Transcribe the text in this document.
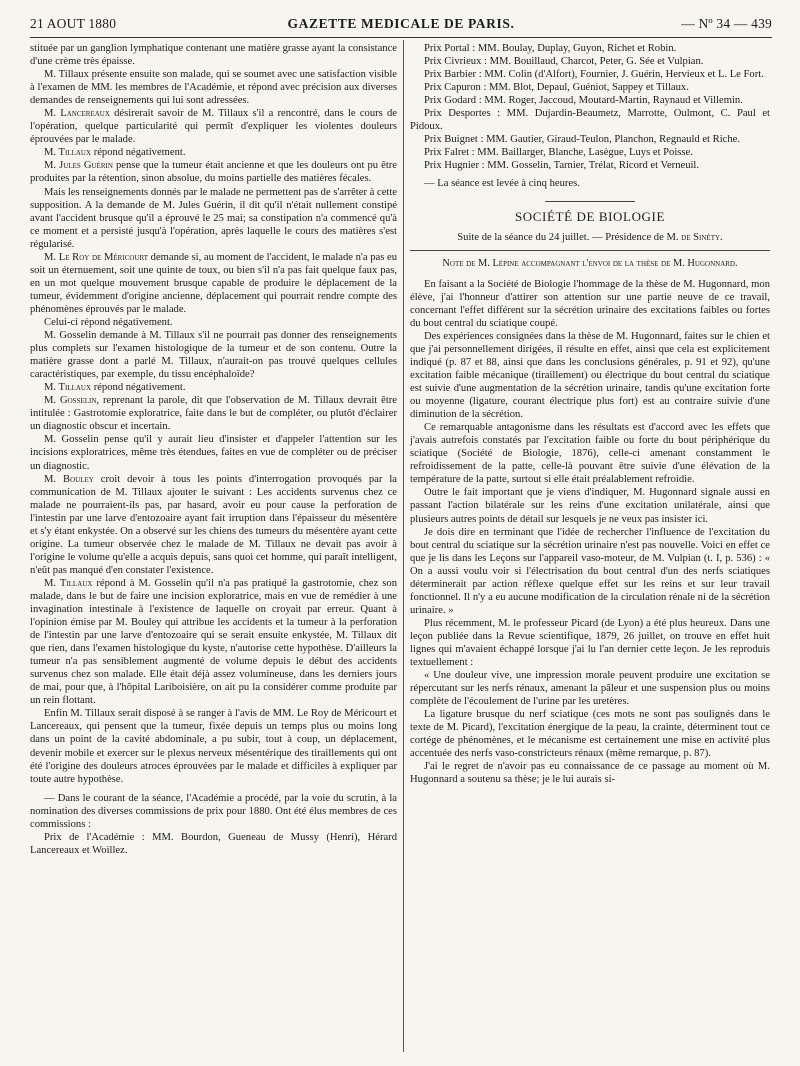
21 AOUT 1880	GAZETTE MEDICALE DE PARIS.	— Nº 34 — 439

stituée par un ganglion lymphatique contenant une matière grasse ayant la consistance d'une crème très épaisse.

M. Tillaux présente ensuite son malade, qui se soumet avec une satisfaction visible à l'examen de MM. les membres de l'Académie, et répond avec précision aux diverses demandes de renseignements qui lui sont adressées.

M. Lancereaux désirerait savoir de M. Tillaux s'il a rencontré, dans le cours de l'opération, quelque particularité qui permît d'expliquer les violentes douleurs éprouvées par le malade.

M. Tillaux répond négativement.

M. Jules Guérin pense que la tumeur était ancienne et que les douleurs ont pu être produites par la rétention, sinon absolue, du moins partielle des matières fécales.

Mais les renseignements donnés par le malade ne permettent pas de s'arrêter à cette supposition. A la demande de M. Jules Guérin, il dit qu'il n'était nullement constipé avant l'accident brusque qu'il a éprouvé le 25 mai; sa constipation n'a commencé qu'à ce moment et a persisté jusqu'à l'opération, après laquelle le cours des matières s'est régularisé.

M. Le Roy de Méricourt demande si, au moment de l'accident, le malade n'a pas eu soit un éternuement, soit une quinte de toux, ou bien s'il n'a pas fait quelque faux pas, en un mot quelque mouvement brusque capable de produire le déplacement de la tumeur, évidemment d'origine ancienne, déplacement qui pourrait rendre compte des phénomènes éprouvés par le malade.

Celui-ci répond négativement.

M. Gosselin demande à M. Tillaux s'il ne pourrait pas donner des renseignements plus complets sur l'examen histologique de la tumeur et de son contenu. Outre la matière grasse dont a parlé M. Tillaux, n'aurait-on pas trouvé quelques cellules caractéristiques, par exemple, du tissu encéphaloïde?

M. Tillaux répond négativement.

M. Gosselin, reprenant la parole, dit que l'observation de M. Tillaux devrait être intitulée : Gastrotomie exploratrice, faite dans le but de compléter, ou plutôt d'éclairer un diagnostic obscur et incertain.

M. Gosselin pense qu'il y aurait lieu d'insister et d'appeler l'attention sur les incisions exploratrices, même très étendues, faites en vue de compléter ou de préciser un diagnostic.

M. Bouley croit devoir à tous les points d'interrogation provoqués par la communication de M. Tillaux ajouter le suivant : Les accidents survenus chez ce malade ne pourraient-ils pas, par hasard, avoir eu pour cause la perforation de l'intestin par une larve d'entozoaire ayant fait irruption dans l'épaisseur du mésentère et s'y étant enkystée. On a observé sur les chiens des tumeurs du mésentère ayant cette origine. La tumeur observée chez le malade de M. Tillaux ne devait pas avoir à l'origine le volume qu'elle a acquis depuis, sans quoi cet homme, qui paraît intelligent, n'eût pas manqué d'en constater l'existence.

M. Tillaux répond à M. Gosselin qu'il n'a pas pratiqué la gastrotomie, chez son malade, dans le but de faire une incision exploratrice, mais en vue de remédier à une invagination intestinale à l'existence de laquelle on croyait par erreur. Quant à l'opinion émise par M. Bouley qui attribue les accidents et la tumeur à la perforation de l'intestin par une larve d'entozoaire qui se serait ensuite enkystée, M. Tillaux dit que rien, dans l'examen histologique du kyste, n'autorise cette hypothèse. D'ailleurs la tumeur n'a pas sensiblement augmenté de volume depuis le début des accidents survenus chez son malade. Elle était déjà assez volumineuse, dans les derniers jours de mai, pour que, à l'hôpital Lariboisière, on ait pu la considérer comme produite par un rein flottant.

Enfin M. Tillaux serait disposé à se ranger à l'avis de MM. Le Roy de Méricourt et Lancereaux, qui pensent que la tumeur, fixée depuis un temps plus ou moins long dans un point de la cavité abdominale, a pu subir, tout à coup, un déplacement, devenir mobile et exercer sur le plexus nerveux mésentérique des tiraillements qui ont été l'origine des douleurs atroces éprouvées par le malade et difficiles à expliquer par toute autre hypothèse.

— Dans le courant de la séance, l'Académie a procédé, par la voie du scrutin, à la nomination des diverses commissions de prix pour 1880. Ont été élus membres de ces commissions :

Prix de l'Académie : MM. Bourdon, Gueneau de Mussy (Henri), Hérard Lancereaux et Woillez.

Prix Portal : MM. Boulay, Duplay, Guyon, Richet et Robin.

Prix Civrieux : MM. Bouillaud, Charcot, Peter, G. Sée et Vulpian.

Prix Barbier : MM. Colin (d'Alfort), Fournier, J. Guérin, Hervieux et L. Le Fort.

Prix Capuron : MM. Blot, Depaul, Guéniot, Sappey et Tillaux.

Prix Godard : MM. Roger, Jaccoud, Moutard-Martin, Raynaud et Villemin.

Prix Desportes : MM. Dujardin-Beaumetz, Marrotte, Oulmont, C. Paul et Pidoux.

Prix Buignet : MM. Gautier, Giraud-Teulon, Planchon, Regnauld et Riche.

Prix Falret : MM. Baillarger, Blanche, Lasègue, Luys et Poisse.

Prix Hugnier : MM. Gosselin, Tarnier, Trélat, Ricord et Verneuil.

— La séance est levée à cinq heures.

SOCIÉTÉ DE BIOLOGIE

Suite de la séance du 24 juillet. — Présidence de M. de Sinéty.

Note de M. Lépine accompagnant l'envoi de la thèse de M. Hugonnard.

En faisant a la Société de Biologie l'hommage de la thèse de M. Hugonnard, mon élève, j'ai l'honneur d'attirer son attention sur une partie neuve de ce travail, concernant l'effet différent sur la sécrétion urinaire des excitations faibles ou fortes du bout central du sciatique coupé.

Des expériences consignées dans la thèse de M. Hugonnard, faites sur le chien et que j'ai personnellement dirigées, il résulte en effet, ainsi que cela est explicitement indiqué (p. 87 et 88, ainsi que dans les conclusions générales, p. 91 et 92), qu'une excitation faible mécanique (tiraillement) ou électrique du bout central du sciatique est suivie d'une augmentation de la sécrétion urinaire, tandis qu'une excitation forte ou moyenne (ligature, courant électrique plus fort) est au contraire suivie d'une diminution de la sécrétion.

Ce remarquable antagonisme dans les résultats est d'accord avec les effets que j'avais autrefois constatés par l'excitation faible ou forte du bout périphérique du sciatique (Société de Biologie, 1876), celle-ci amenant constamment le refroidissement de la patte, celle-là pouvant être suivie d'une élévation de la température de la patte, surtout si elle était préalablement refroidie.

Outre le fait important que je viens d'indiquer, M. Hugonnard signale aussi en passant l'action bilatérale sur les reins d'une excitation unilatérale, ainsi que plusieurs autres points de détail sur lesquels je ne veux pas insister ici.

Je dois dire en terminant que l'idée de rechercher l'influence de l'excitation du bout central du sciatique sur la sécrétion urinaire n'est pas nouvelle. Voici en effet ce que je lis dans les Leçons sur l'appareil vaso-moteur, de M. Vulpian (t. I, p. 536) : « On a aussi voulu voir si l'électrisation du bout central d'un des nerfs sciatiques déterminerait par action réflexe quelque effet sur les reins et sur leur travail fonctionnel. Il n'y a eu aucune modification de la circulation rénale ni de la sécrétion urinaire. »

Plus récemment, M. le professeur Picard (de Lyon) a été plus heureux. Dans une leçon publiée dans la Revue scientifique, 1879, 26 juillet, on trouve en effet huit lignes qui m'avaient échappé lorsque j'ai lu l'an dernier cette leçon. Je les reproduis textuellement :

« Une douleur vive, une impression morale peuvent produire une excitation se répercutant sur les nerfs rénaux, amenant la pâleur et une suspension plus ou moins complète de l'écoulement de l'urine par les uretères.

La ligature brusque du nerf sciatique (ces mots ne sont pas soulignés dans le texte de M. Picard), l'excitation énergique de la peau, la crainte, déterminent tout ce cortége de phénomènes, et le mécanisme est certainement une mise en activité plus accentuée des nerfs vaso-constricteurs rénaux (même remarque, p. 87).

J'ai le regret de n'avoir pas eu connaissance de ce passage au moment où M. Hugonnard a soutenu sa thèse; je le lui aurais si-
